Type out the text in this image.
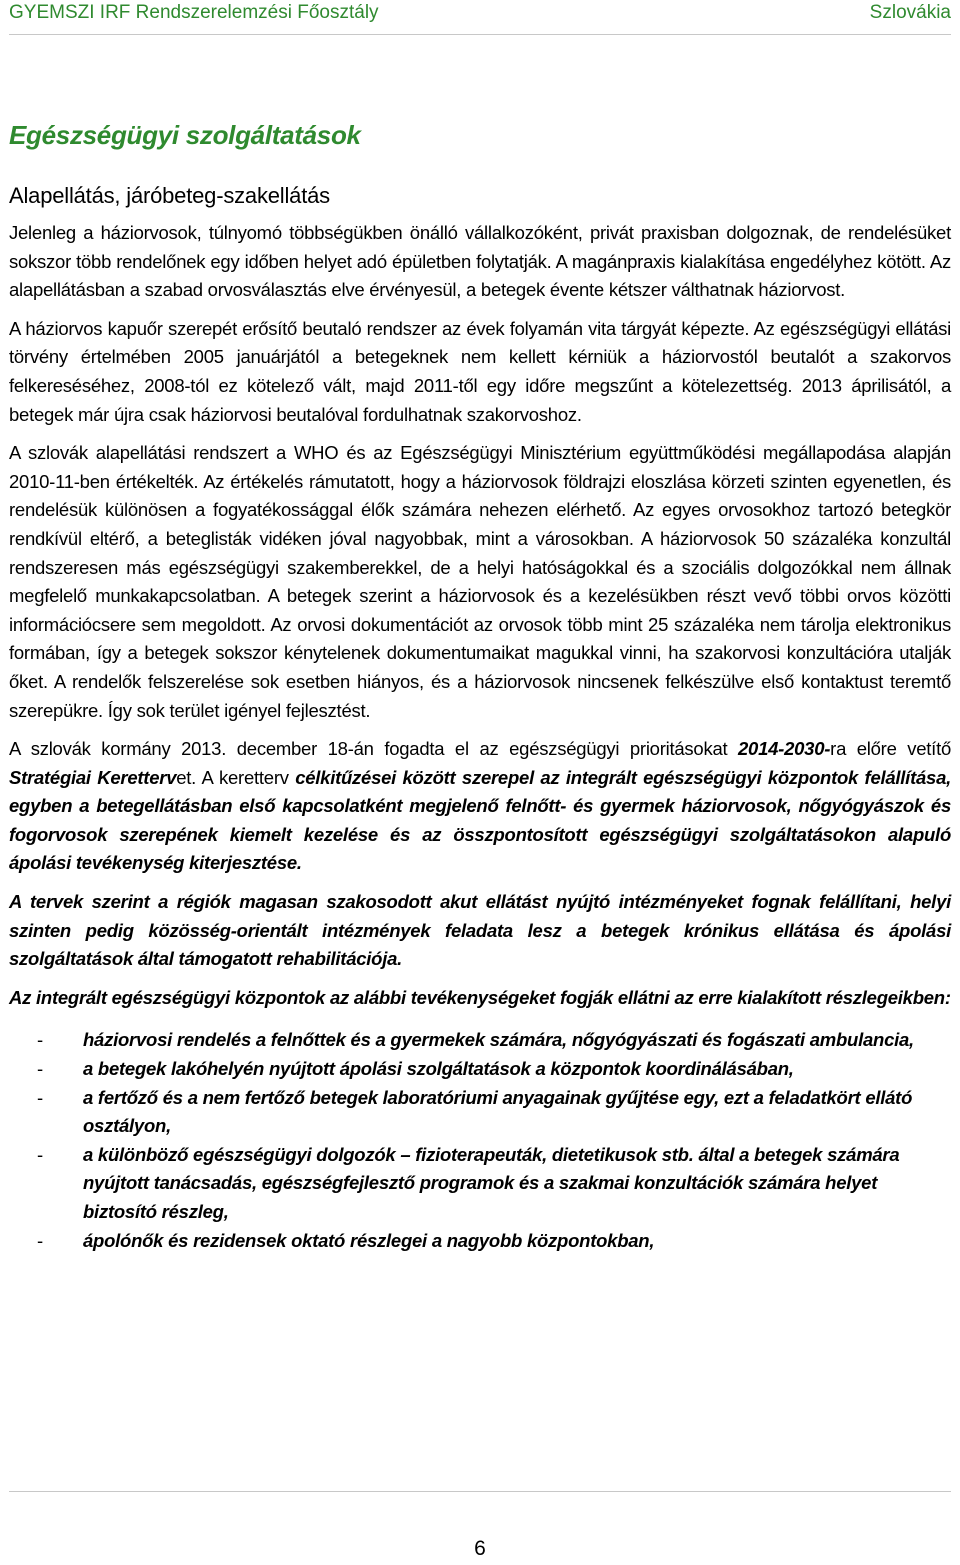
GYEMSZI IRF Rendszerelemzési Főosztály	Szlovákia
Egészségügyi szolgáltatások
Alapellátás, járóbeteg-szakellátás

Jelenleg a háziorvosok, túlnyomó többségükben önálló vállalkozóként, privát praxisban dolgoznak, de rendelésüket sokszor több rendelőnek egy időben helyet adó épületben folytatják. A magánpraxis kialakítása engedélyhez kötött. Az alapellátásban a szabad orvosválasztás elve érvényesül, a betegek évente kétszer válthatnak háziorvost.

A háziorvos kapuőr szerepét erősítő beutaló rendszer az évek folyamán vita tárgyát képezte. Az egészségügyi ellátási törvény értelmében 2005 januárjától a betegeknek nem kellett kérniük a háziorvostól beutalót a szakorvos felkereséséhez, 2008-tól ez kötelező vált, majd 2011-től egy időre megszűnt a kötelezettség. 2013 áprilisától, a betegek már újra csak háziorvosi beutalóval fordulhatnak szakorvoshoz.

A szlovák alapellátási rendszert a WHO és az Egészségügyi Minisztérium együttműködési megállapodása alapján 2010-11-ben értékelték. Az értékelés rámutatott, hogy a háziorvosok földrajzi eloszlása körzeti szinten egyenetlen, és rendelésük különösen a fogyatékossággal élők számára nehezen elérhető. Az egyes orvosokhoz tartozó betegkör rendkívül eltérő, a beteglisták vidéken jóval nagyobbak, mint a városokban. A háziorvosok 50 százaléka konzultál rendszeresen más egészségügyi szakemberekkel, de a helyi hatóságokkal és a szociális dolgozókkal nem állnak megfelelő munkakapcsolatban. A betegek szerint a háziorvosok és a kezelésükben részt vevő többi orvos közötti információcsere sem megoldott. Az orvosi dokumentációt az orvosok több mint 25 százaléka nem tárolja elektronikus formában, így a betegek sokszor kénytelenek dokumentumaikat magukkal vinni, ha szakorvosi konzultációra utalják őket. A rendelők felszerelése sok esetben hiányos, és a háziorvosok nincsenek felkészülve első kontaktust teremtő szerepükre. Így sok terület igényel fejlesztést.

A szlovák kormány 2013. december 18-án fogadta el az egészségügyi prioritásokat 2014-2030-ra előre vetítő Stratégiai Kerettervet. A keretterv célkitűzései között szerepel az integrált egészségügyi központok felállítása, egyben a betegellátásban első kapcsolatként megjelenő felnőtt- és gyermek háziorvosok, nőgyógyászok és fogorvosok szerepének kiemelt kezelése és az összpontosított egészségügyi szolgáltatásokon alapuló ápolási tevékenység kiterjesztése.

A tervek szerint a régiók magasan szakosodott akut ellátást nyújtó intézményeket fognak felállítani, helyi szinten pedig közösség-orientált intézmények feladata lesz a betegek krónikus ellátása és ápolási szolgáltatások által támogatott rehabilitációja.

Az integrált egészségügyi központok az alábbi tevékenységeket fogják ellátni az erre kialakított részlegeikben:

- háziorvosi rendelés a felnőttek és a gyermekek számára, nőgyógyászati és fogászati ambulancia,
- a betegek lakóhelyén nyújtott ápolási szolgáltatások a központok koordinálásában,
- a fertőző és a nem fertőző betegek laboratóriumi anyagainak gyűjtése egy, ezt a feladatkört ellátó osztályon,
- a különböző egészségügyi dolgozók – fizioterapeuták, dietetikusok stb. által a betegek számára nyújtott tanácsadás, egészségfejlesztő programok és a szakmai konzultációk számára helyet biztosító részleg,
- ápolónők és rezidensek oktató részlegei a nagyobb központokban,
6
